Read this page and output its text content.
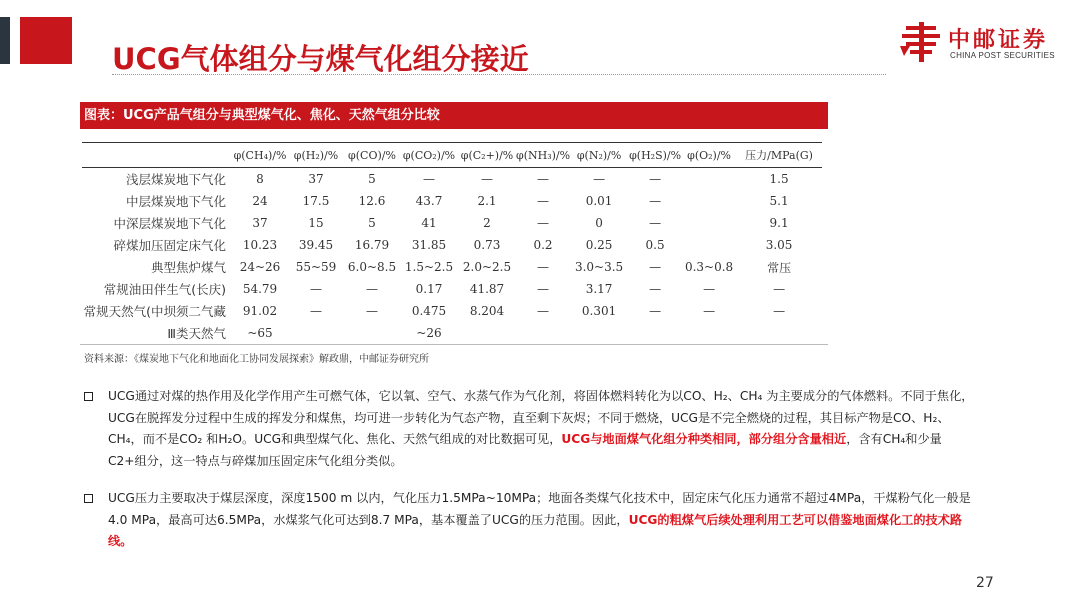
UCG气体组分与煤气化组分接近
中邮证券
CHINA POST SECURITIES
图表：UCG产品气组分与典型煤气化、焦化、天然气组分比较
	φ(CH₄)/%	φ(H₂)/%	φ(CO)/%	φ(CO₂)/%	φ(C₂+)/%	φ(NH₃)/%	φ(N₂)/%	φ(H₂S)/%	φ(O₂)/%	压力/MPa(G)
浅层煤炭地下气化	8	37	5	—	—	—	—	—		1.5
中层煤炭地下气化	24	17.5	12.6	43.7	2.1	—	0.01	—		5.1
中深层煤炭地下气化	37	15	5	41	2	—	0	—		9.1
碎煤加压固定床气化	10.23	39.45	16.79	31.85	0.73	0.2	0.25	0.5		3.05
典型焦炉煤气	24~26	55~59	6.0~8.5	1.5~2.5	2.0~2.5	—	3.0~3.5	—	0.3~0.8	常压
常规油田伴生气(长庆)	54.79	—	—	0.17	41.87	—	3.17	—	—	—
常规天然气(中坝须二气藏	91.02	—	—	0.475	8.204	—	0.301	—	—	—
Ⅲ类天然气	~65			~26						
资料来源：《煤炭地下气化和地面化工协同发展探索》解政鼎，中邮证券研究所
UCG通过对煤的热作用及化学作用产生可燃气体，它以氧、空气、水蒸气作为气化剂，将固体燃料转化为以CO、H₂、CH₄ 为主要成分的气体燃料。不同于焦化，UCG在脱挥发分过程中生成的挥发分和煤焦，均可进一步转化为气态产物，直至剩下灰烬；不同于燃烧，UCG是不完全燃烧的过程，其目标产物是CO、H₂、CH₄，而不是CO₂ 和H₂O。UCG和典型煤气化、焦化、天然气组成的对比数据可见，UCG与地面煤气化组分种类相同，部分组分含量相近，含有CH₄和少量C2+组分，这一特点与碎煤加压固定床气化组分类似。
UCG压力主要取决于煤层深度，深度1500 m 以内，气化压力1.5MPa~10MPa；地面各类煤气化技术中，固定床气化压力通常不超过4MPa，干煤粉气化一般是4.0 MPa，最高可达6.5MPa，水煤浆气化可达到8.7 MPa，基本覆盖了UCG的压力范围。因此，UCG的粗煤气后续处理利用工艺可以借鉴地面煤化工的技术路线。
27
